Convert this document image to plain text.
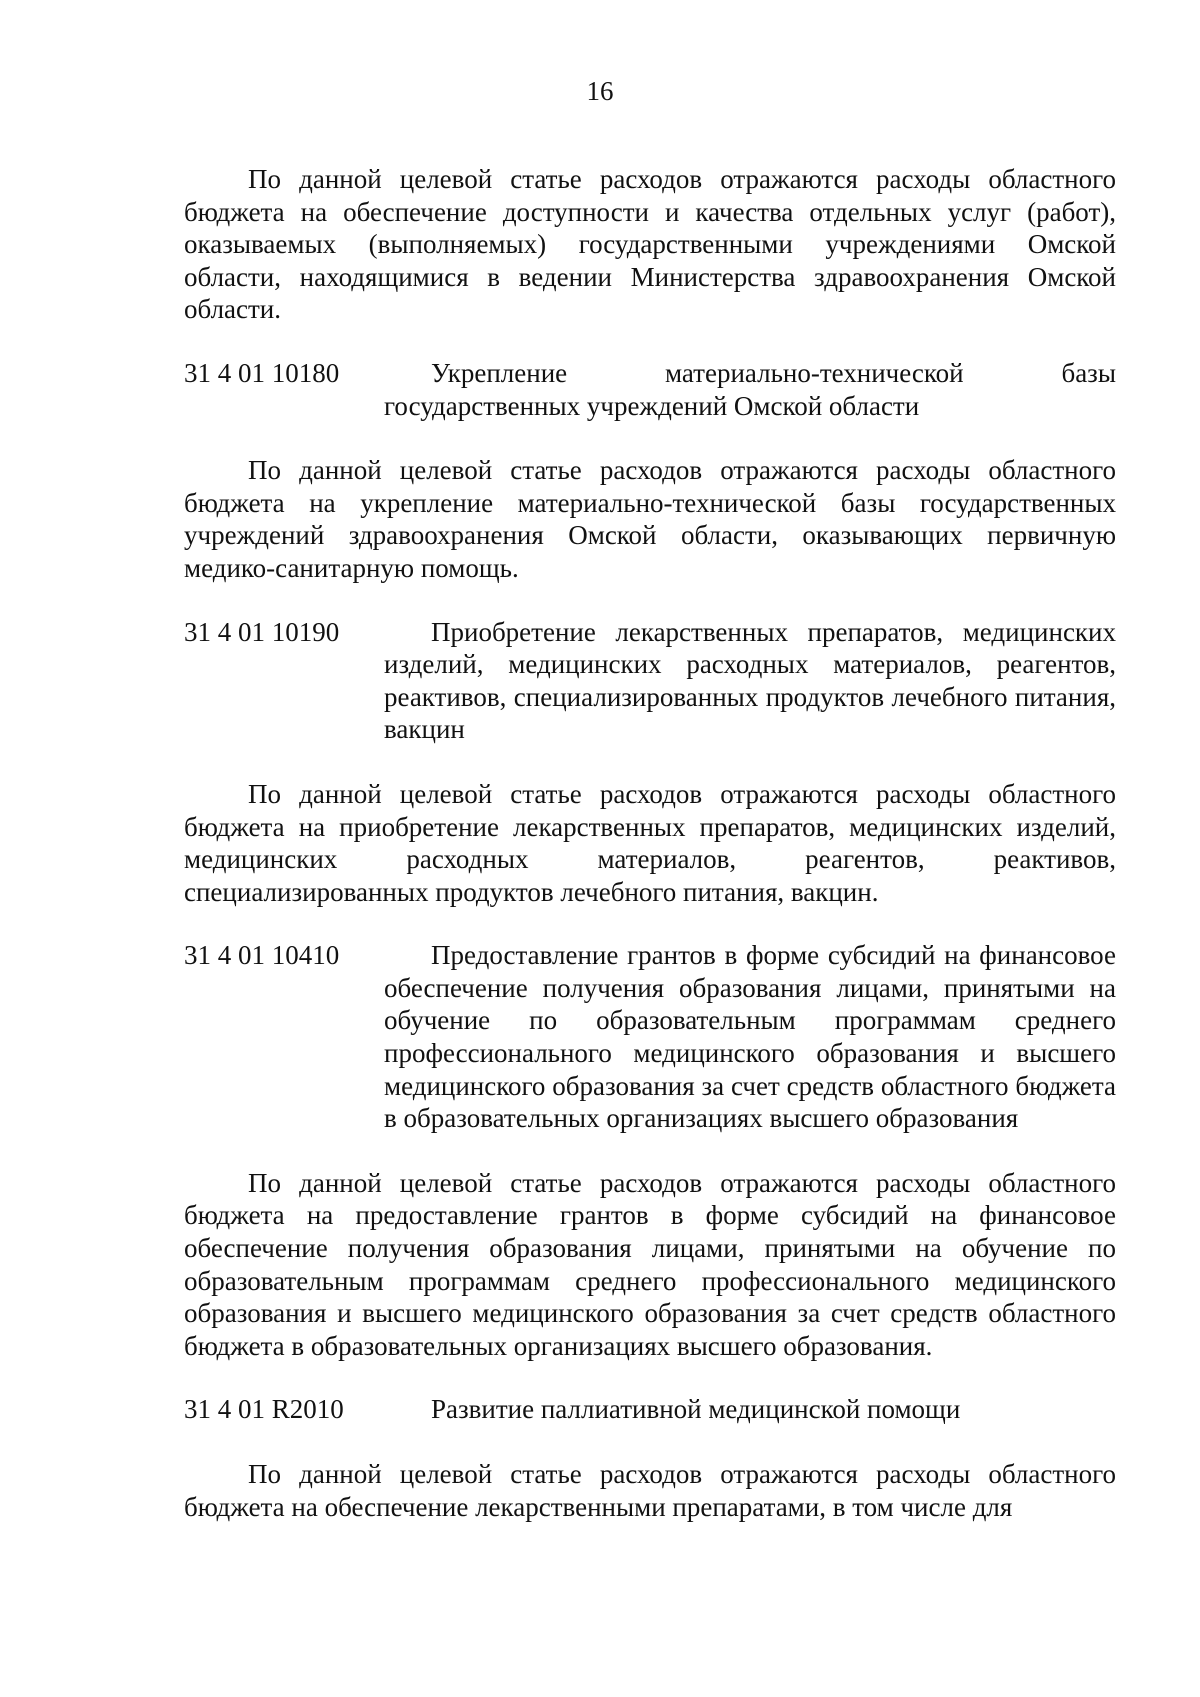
16

По данной целевой статье расходов отражаются расходы областного бюджета на обеспечение доступности и качества отдельных услуг (работ), оказываемых (выполняемых) государственными учреждениями Омской области, находящимися в ведении Министерства здравоохранения Омской области.

31 4 01 10180	Укрепление материально-технической базы государственных учреждений Омской области

По данной целевой статье расходов отражаются расходы областного бюджета на укрепление материально-технической базы государственных учреждений здравоохранения Омской области, оказывающих первичную медико-санитарную помощь.

31 4 01 10190	Приобретение лекарственных препаратов, медицинских изделий, медицинских расходных материалов, реагентов, реактивов, специализированных продуктов лечебного питания, вакцин

По данной целевой статье расходов отражаются расходы областного бюджета на приобретение лекарственных препаратов, медицинских изделий, медицинских расходных материалов, реагентов, реактивов, специализированных продуктов лечебного питания, вакцин.

31 4 01 10410	Предоставление грантов в форме субсидий на финансовое обеспечение получения образования лицами, принятыми на обучение по образовательным программам среднего профессионального медицинского образования и высшего медицинского образования за счет средств областного бюджета в образовательных организациях высшего образования

По данной целевой статье расходов отражаются расходы областного бюджета на предоставление грантов в форме субсидий на финансовое обеспечение получения образования лицами, принятыми на обучение по образовательным программам среднего профессионального медицинского образования и высшего медицинского образования за счет средств областного бюджета в образовательных организациях высшего образования.

31 4 01 R2010	Развитие паллиативной медицинской помощи

По данной целевой статье расходов отражаются расходы областного бюджета на обеспечение лекарственными препаратами, в том числе для
